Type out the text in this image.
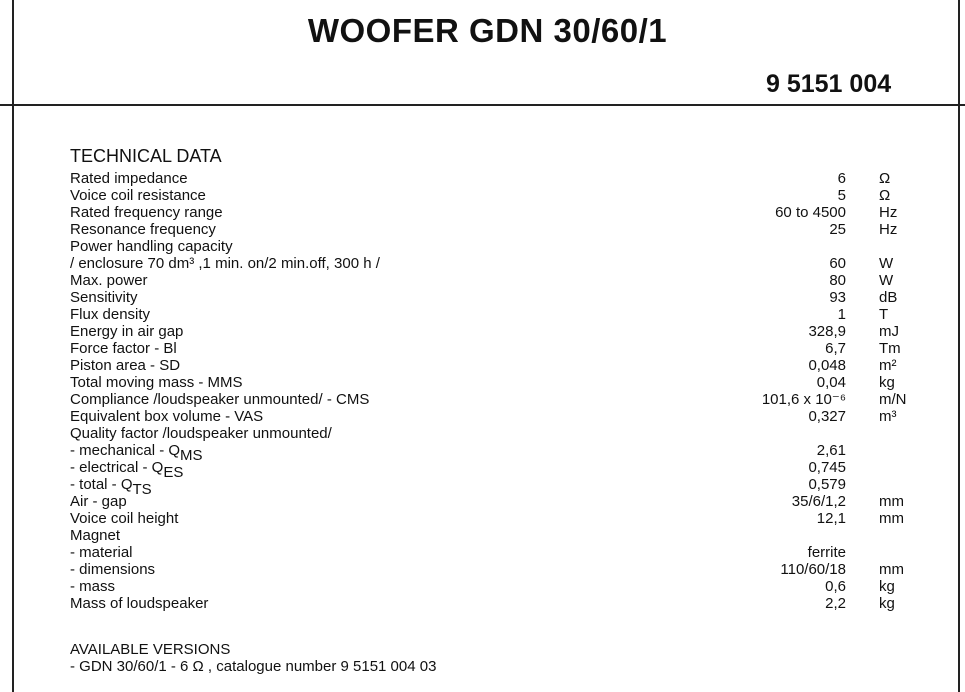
WOOFER GDN 30/60/1
9 5151 004
TECHNICAL DATA
Rated impedance	6 Ω
Voice coil resistance	5 Ω
Rated frequency range	60 to 4500 Hz
Resonance frequency	25 Hz
Power handling capacity
/ enclosure 70 dm³ ,1 min. on/2 min.off, 300 h /	60 W
Max. power	80 W
Sensitivity	93 dB
Flux density	1 T
Energy in air gap	328,9 mJ
Force factor - Bl	6,7 Tm
Piston area - SD	0,048 m²
Total moving mass - MMS	0,04 kg
Compliance /loudspeaker unmounted/ - CMS	101,6 x 10⁻⁶ m/N
Equivalent box volume - VAS	0,327 m³
Quality factor /loudspeaker unmounted/
- mechanical - QMS	2,61
- electrical - QES	0,745
- total - QTS	0,579
Air - gap	35/6/1,2 mm
Voice coil height	12,1 mm
Magnet
- material	ferrite
- dimensions	110/60/18 mm
- mass	0,6 kg
Mass of loudspeaker	2,2 kg
AVAILABLE VERSIONS
- GDN 30/60/1 - 6 Ω , catalogue number 9 5151 004 03
